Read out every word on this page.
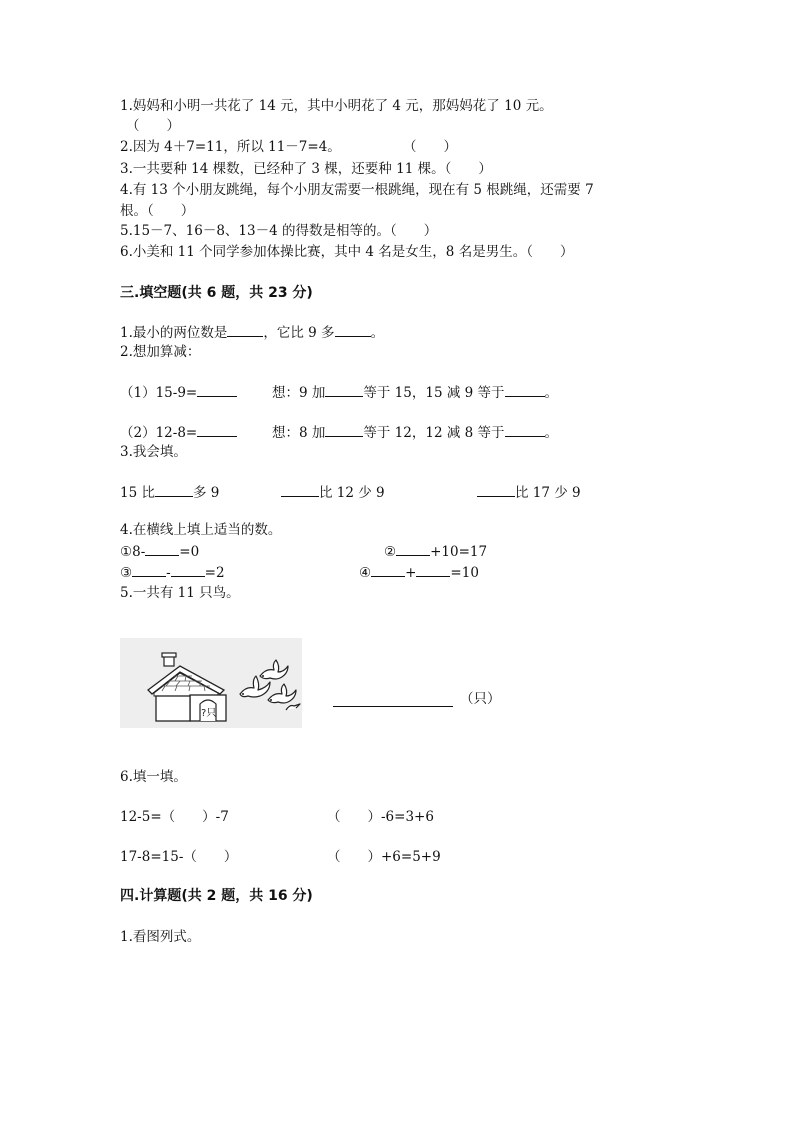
1.妈妈和小明一共花了 14 元，其中小明花了 4 元，那妈妈花了 10 元。
（　　）
2.因为 4＋7=11，所以 11－7=4。	（　　）
3.一共要种 14 棵数，已经种了 3 棵，还要种 11 棵。（　　）
4.有 13 个小朋友跳绳，每个小朋友需要一根跳绳，现在有 5 根跳绳，还需要 7
根。（　　）
5.15－7、16－8、13－4 的得数是相等的。（　　）
6.小美和 11 个同学参加体操比赛，其中 4 名是女生，8 名是男生。（　　）
三.填空题(共 6 题，共 23 分)
1.最小的两位数是	，它比 9 多	。
2.想加算减：
（1）15-9=	想：9 加	等于 15，15 减 9 等于	。
（2）12-8=	想：8 加	等于 12，12 减 8 等于	。
3.我会填。
15 比	多 9	比 12 少 9	比 17 少 9
4.在横线上填上适当的数。
①8-	=0	②	+10=17
③	-	=2	④	+	=10
5.一共有 11 只鸟。
?只
（只）
6.填一填。
12-5=（　　）-7	（　　）-6=3+6
17-8=15-（　　）	（　　）+6=5+9
四.计算题(共 2 题，共 16 分)
1.看图列式。
